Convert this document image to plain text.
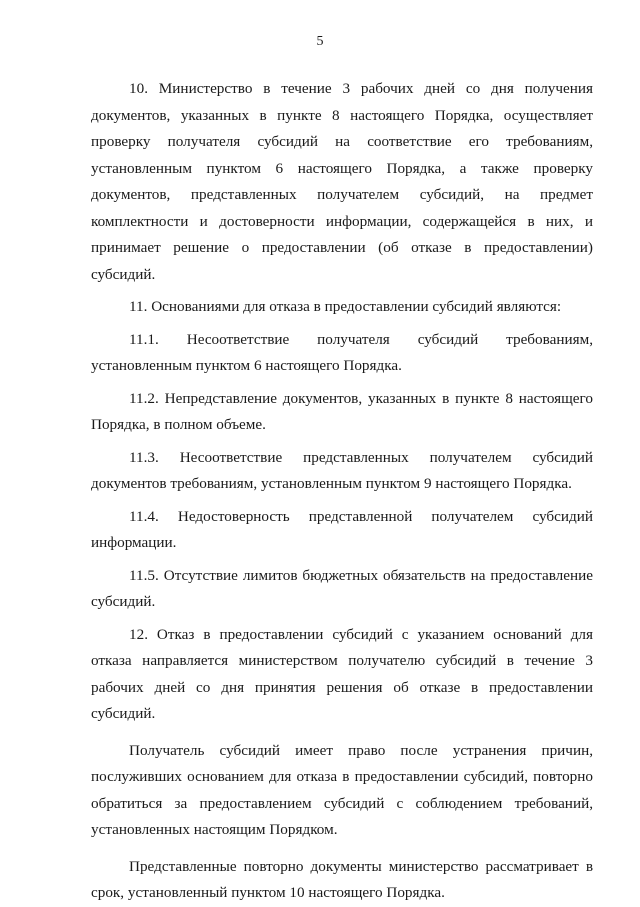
5

10. Министерство в течение 3 рабочих дней со дня получения документов, указанных в пункте 8 настоящего Порядка, осуществляет проверку получателя субсидий на соответствие его требованиям, установленным пунктом 6 настоящего Порядка, а также проверку документов, представленных получателем субсидий, на предмет комплектности и достоверности информации, содержащейся в них, и принимает решение о предоставлении (об отказе в предоставлении) субсидий.

11. Основаниями для отказа в предоставлении субсидий являются:

11.1. Несоответствие получателя субсидий требованиям, установленным пунктом 6 настоящего Порядка.

11.2. Непредставление документов, указанных в пункте 8 настоящего Порядка, в полном объеме.

11.3. Несоответствие представленных получателем субсидий документов требованиям, установленным пунктом 9 настоящего Порядка.

11.4. Недостоверность представленной получателем субсидий информации.

11.5. Отсутствие лимитов бюджетных обязательств на предоставление субсидий.

12. Отказ в предоставлении субсидий с указанием оснований для отказа направляется министерством получателю субсидий в течение 3 рабочих дней со дня принятия решения об отказе в предоставлении субсидий.

Получатель субсидий имеет право после устранения причин, послуживших основанием для отказа в предоставлении субсидий, повторно обратиться за предоставлением субсидий с соблюдением требований, установленных настоящим Порядком.

Представленные повторно документы министерство рассматривает в срок, установленный пунктом 10 настоящего Порядка.
